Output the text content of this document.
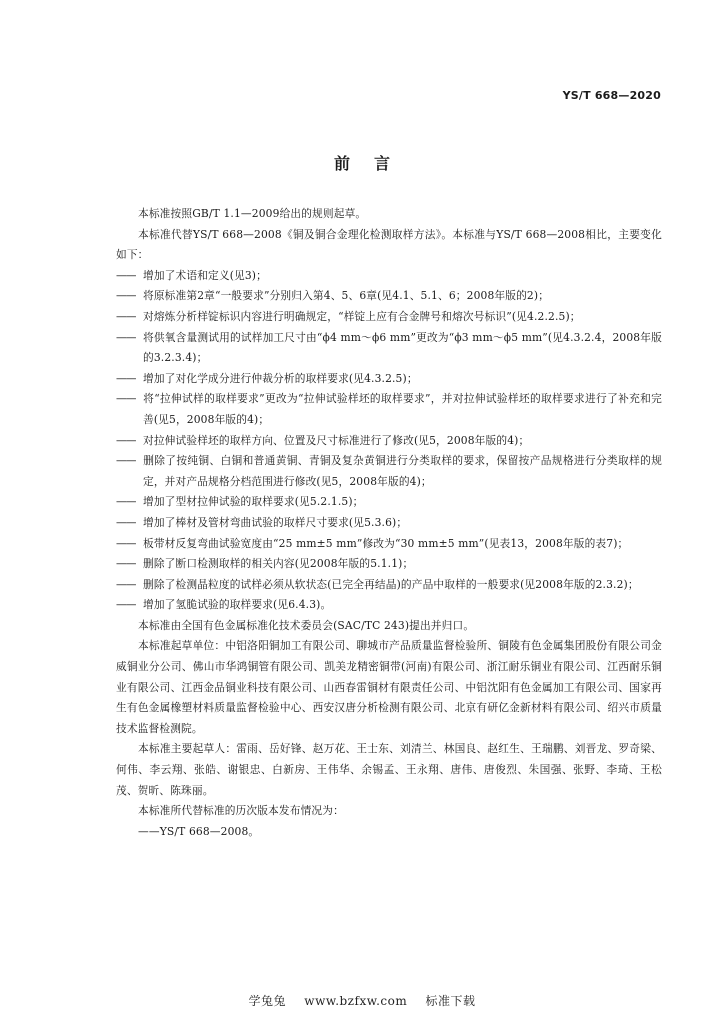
YS/T 668—2020
前言

本标准按照GB/T 1.1—2009给出的规则起草。

本标准代替YS/T 668—2008《铜及铜合金理化检测取样方法》。本标准与YS/T 668—2008相比，主要变化如下：

—— 增加了术语和定义(见3)；

—— 将原标准第2章“一般要求”分别归入第4、5、6章(见4.1、5.1、6；2008年版的2)；

—— 对熔炼分析样锭标识内容进行明确规定，“样锭上应有合金牌号和熔次号标识”(见4.2.2.5)；

—— 将供氧含量测试用的试样加工尺寸由“ϕ4 mm～ϕ6 mm”更改为“ϕ3 mm～ϕ5 mm”(见4.3.2.4，2008年版的3.2.3.4)；

—— 增加了对化学成分进行仲裁分析的取样要求(见4.3.2.5)；

—— 将“拉伸试样的取样要求”更改为“拉伸试验样坯的取样要求”，并对拉伸试验样坯的取样要求进行了补充和完善(见5，2008年版的4)；

—— 对拉伸试验样坯的取样方向、位置及尺寸标准进行了修改(见5，2008年版的4)；

—— 删除了按纯铜、白铜和普通黄铜、青铜及复杂黄铜进行分类取样的要求，保留按产品规格进行分类取样的规定，并对产品规格分档范围进行修改(见5，2008年版的4)；

—— 增加了型材拉伸试验的取样要求(见5.2.1.5)；

—— 增加了棒材及管材弯曲试验的取样尺寸要求(见5.3.6)；

—— 板带材反复弯曲试验宽度由“25 mm±5 mm”修改为“30 mm±5 mm”(见表13，2008年版的表7)；

—— 删除了断口检测取样的相关内容(见2008年版的5.1.1)；

—— 删除了检测晶粒度的试样必须从软状态(已完全再结晶)的产品中取样的一般要求(见2008年版的2.3.2)；

—— 增加了氢脆试验的取样要求(见6.4.3)。

本标准由全国有色金属标准化技术委员会(SAC/TC 243)提出并归口。

本标准起草单位：中铝洛阳铜加工有限公司、聊城市产品质量监督检验所、铜陵有色金属集团股份有限公司金威铜业分公司、佛山市华鸿铜管有限公司、凯美龙精密铜带(河南)有限公司、浙江耐乐铜业有限公司、江西耐乐铜业有限公司、江西金品铜业科技有限公司、山西春雷铜材有限责任公司、中铝沈阳有色金属加工有限公司、国家再生有色金属橡塑材料质量监督检验中心、西安汉唐分析检测有限公司、北京有研亿金新材料有限公司、绍兴市质量技术监督检测院。

本标准主要起草人：雷雨、岳好锋、赵万花、王士东、刘清兰、林国良、赵红生、王瑞鹏、刘晋龙、罗奇梁、何伟、李云翔、张皓、谢银忠、白新房、王伟华、余锡孟、王永翔、唐伟、唐俊烈、朱国强、张野、李琦、王松茂、贺昕、陈珠丽。

本标准所代替标准的历次版本发布情况为：

——YS/T 668—2008。

学兔兔 www.bzfxw.com 标准下载
